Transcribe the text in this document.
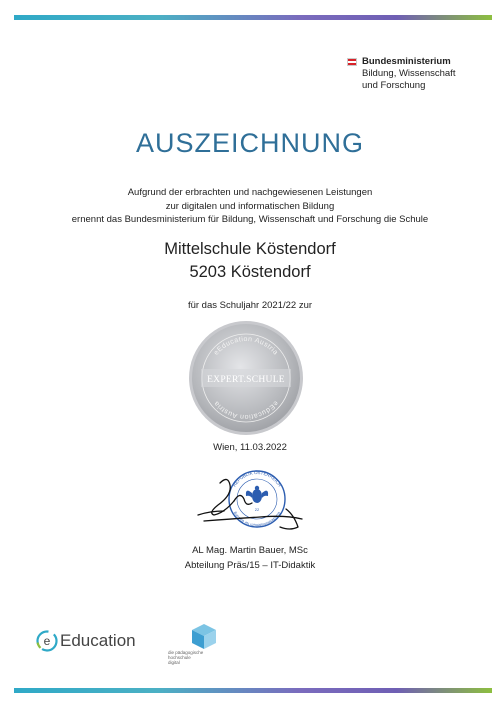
Bundesministerium
Bildung, Wissenschaft
und Forschung
AUSZEICHNUNG
Aufgrund der erbrachten und nachgewiesenen Leistungen
zur digitalen und informatischen Bildung
ernennt das Bundesministerium für Bildung, Wissenschaft und Forschung die Schule
Mittelschule Köstendorf
5203 Köstendorf
für das Schuljahr 2021/22 zur
eEducation Austria
eEducation Austria
EXPERT.SCHULE
Wien, 11.03.2022
REPUBLIK ÖSTERREICH
Bundesministerium für Bildung
22
AL Mag. Martin Bauer, MSc
Abteilung Präs/15 – IT-Didaktik
e Education
die pädagogische
hochschule
digital
